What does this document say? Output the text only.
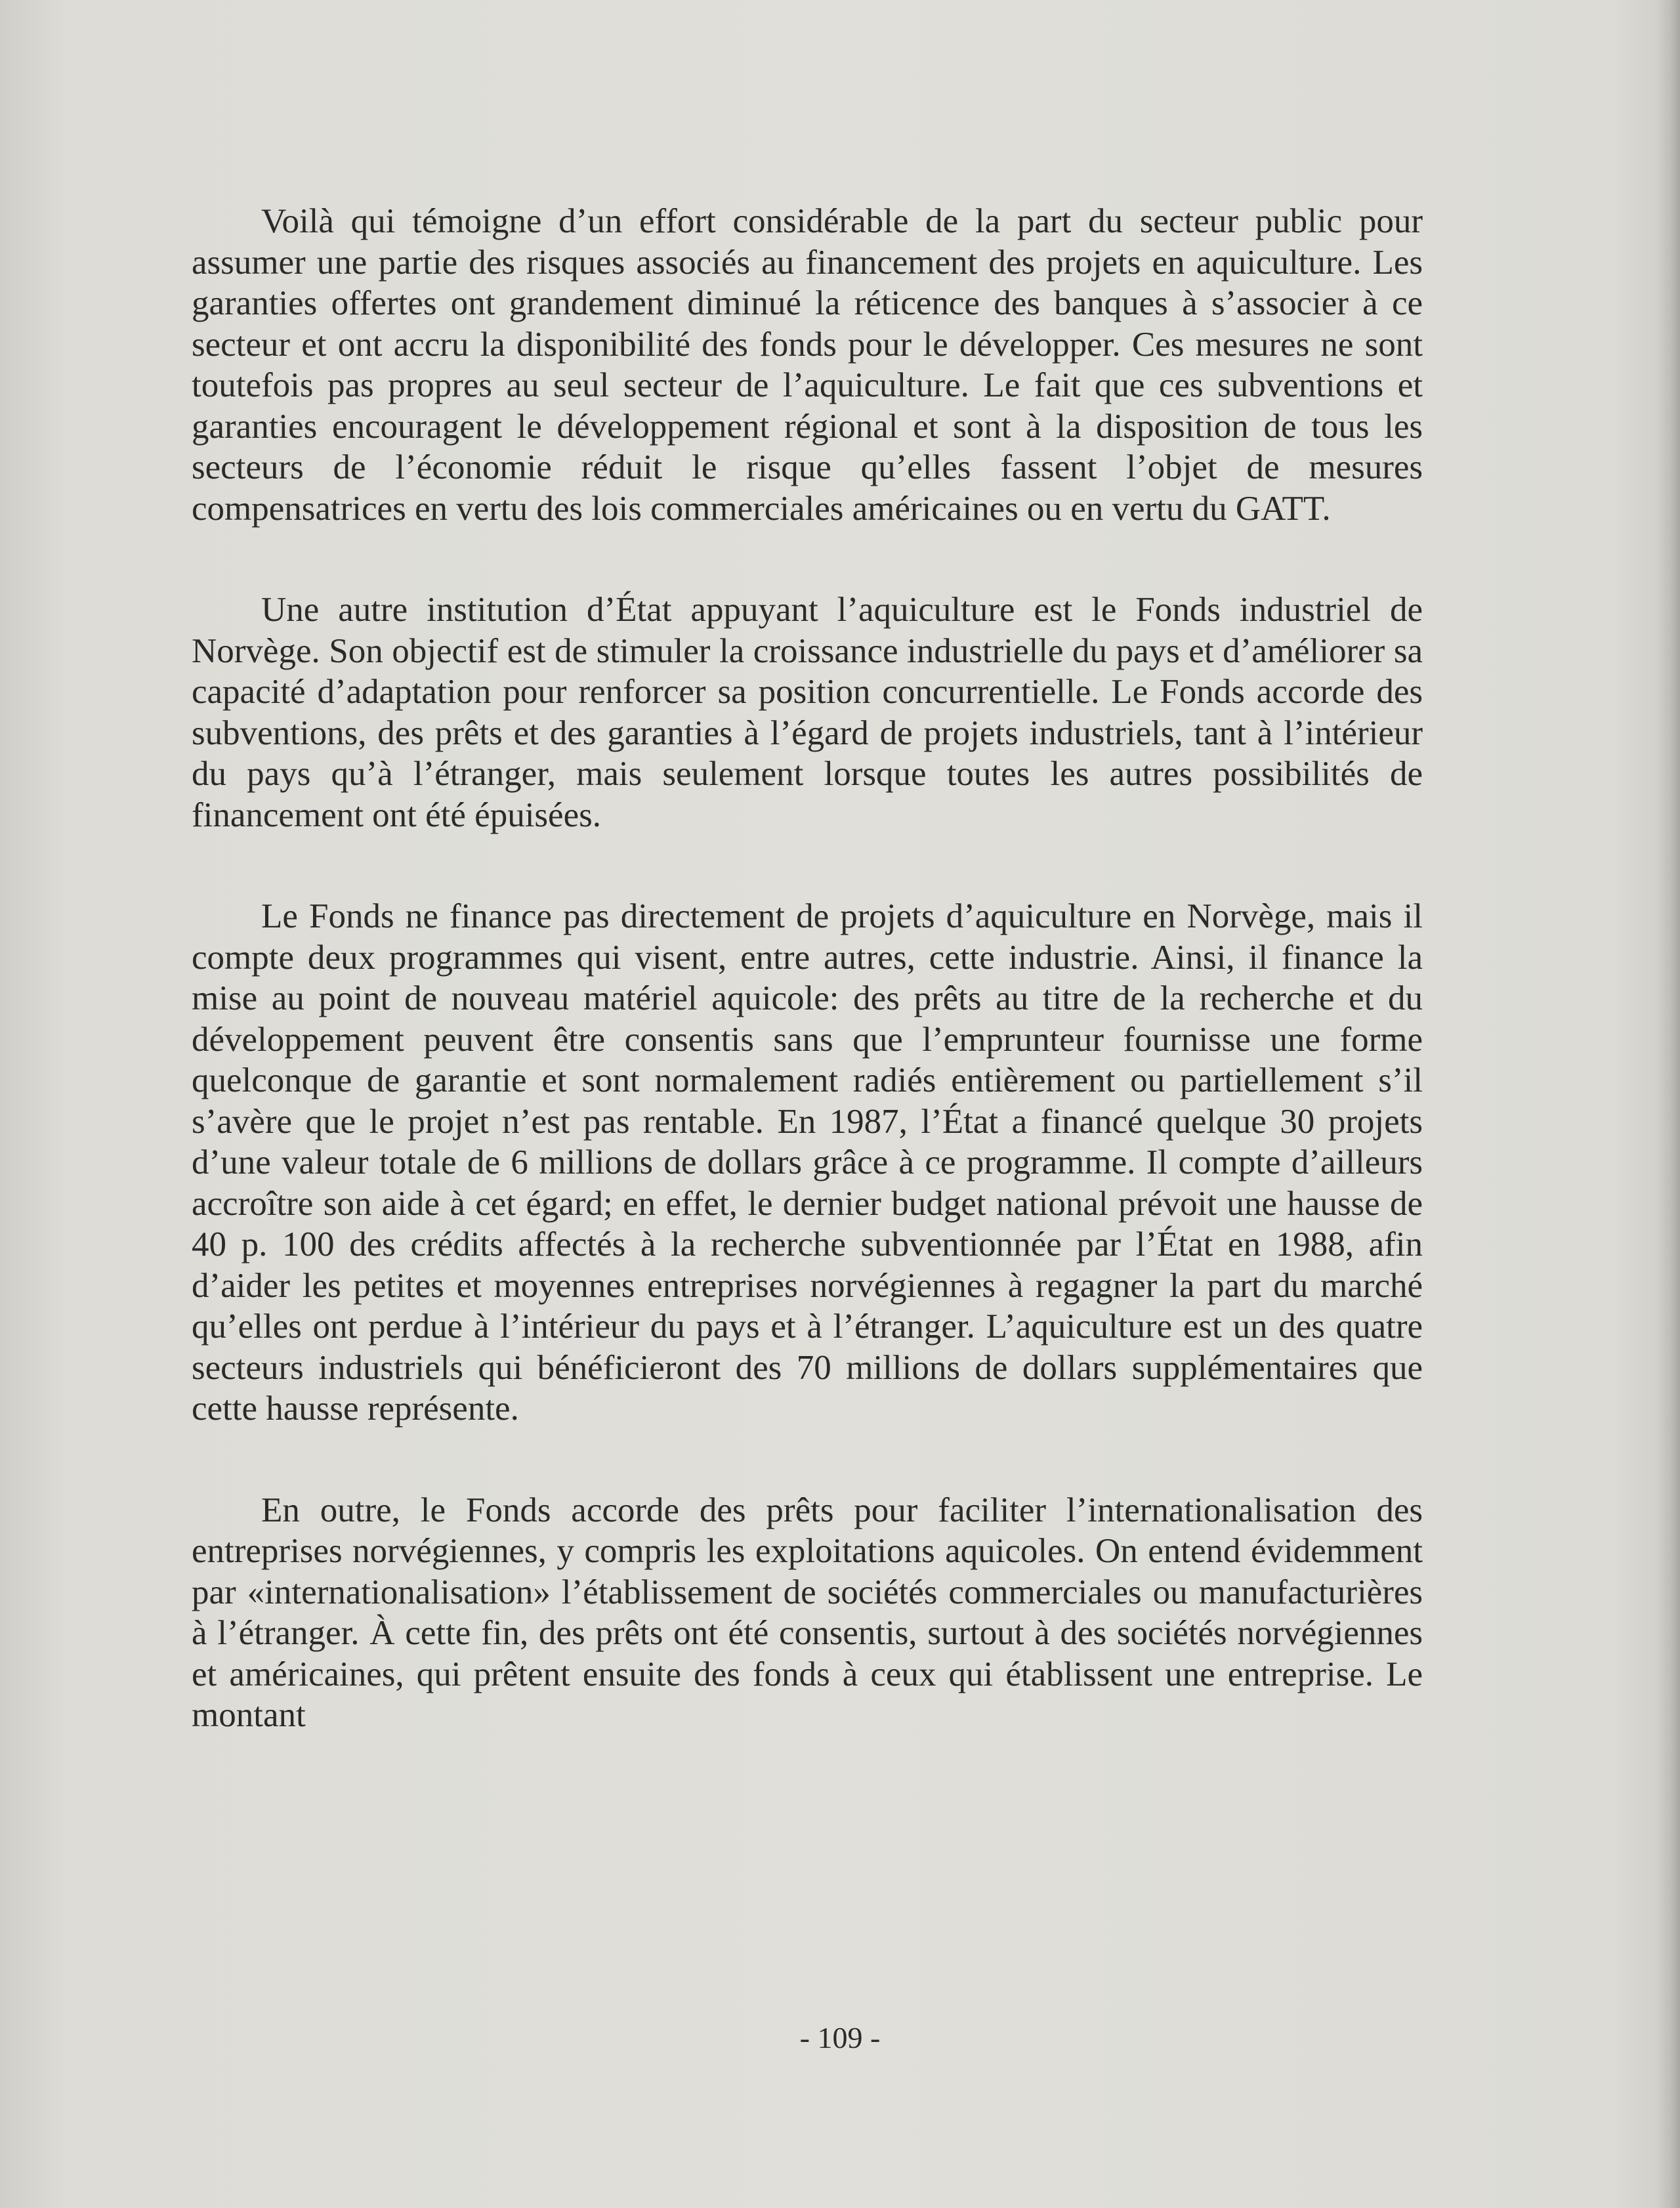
Voilà qui témoigne d’un effort considérable de la part du secteur public pour assumer une partie des risques associés au financement des projets en aquiculture. Les garanties offertes ont grandement diminué la réticence des banques à s’associer à ce secteur et ont accru la disponibilité des fonds pour le développer. Ces mesures ne sont toutefois pas propres au seul secteur de l’aquiculture. Le fait que ces subventions et garanties encouragent le développement régional et sont à la disposition de tous les secteurs de l’économie réduit le risque qu’elles fassent l’objet de mesures compensatrices en vertu des lois commerciales américaines ou en vertu du GATT.

Une autre institution d’État appuyant l’aquiculture est le Fonds industriel de Norvège. Son objectif est de stimuler la croissance industrielle du pays et d’améliorer sa capacité d’adaptation pour renforcer sa position concurrentielle. Le Fonds accorde des subventions, des prêts et des garanties à l’égard de projets industriels, tant à l’intérieur du pays qu’à l’étranger, mais seulement lorsque toutes les autres possibilités de financement ont été épuisées.

Le Fonds ne finance pas directement de projets d’aquiculture en Norvège, mais il compte deux programmes qui visent, entre autres, cette industrie. Ainsi, il finance la mise au point de nouveau matériel aquicole: des prêts au titre de la recherche et du développement peuvent être consentis sans que l’emprunteur fournisse une forme quelconque de garantie et sont normalement radiés entièrement ou partiellement s’il s’avère que le projet n’est pas rentable. En 1987, l’État a financé quelque 30 projets d’une valeur totale de 6 millions de dollars grâce à ce programme. Il compte d’ailleurs accroître son aide à cet égard; en effet, le dernier budget national prévoit une hausse de 40 p. 100 des crédits affectés à la recherche subventionnée par l’État en 1988, afin d’aider les petites et moyennes entreprises norvégiennes à regagner la part du marché qu’elles ont perdue à l’intérieur du pays et à l’étranger. L’aquiculture est un des quatre secteurs industriels qui bénéficieront des 70 millions de dollars supplémentaires que cette hausse représente.

En outre, le Fonds accorde des prêts pour faciliter l’internationalisation des entreprises norvégiennes, y compris les exploitations aquicoles. On entend évidemment par «internationalisation» l’établissement de sociétés commerciales ou manufacturières à l’étranger. À cette fin, des prêts ont été consentis, surtout à des sociétés norvégiennes et américaines, qui prêtent ensuite des fonds à ceux qui établissent une entreprise. Le montant

- 109 -
